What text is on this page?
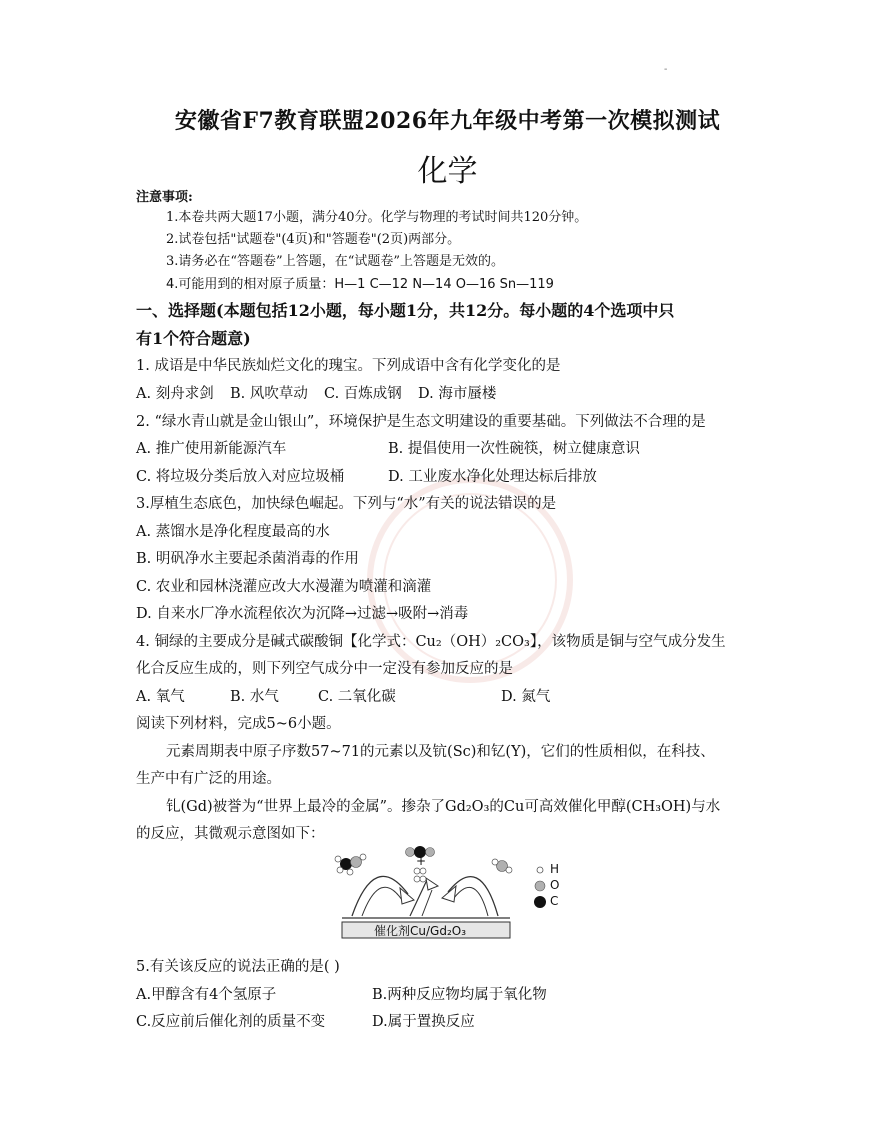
-
安徽省F7教育联盟2026年九年级中考第一次模拟测试
化学
注意事项:
1.本卷共两大题17小题，满分40分。化学与物理的考试时间共120分钟。
2.试卷包括"试题卷"(4页)和"答题卷"(2页)两部分。
3.请务必在“答题卷”上答题，在“试题卷”上答题是无效的。
4.可能用到的相对原子质量：H—1 C—12 N—14 O—16 Sn—119
一、选择题(本题包括12小题，每小题1分，共12分。每小题的4个选项中只
有1个符合题意)
1. 成语是中华民族灿烂文化的瑰宝。下列成语中含有化学变化的是
A. 刻舟求剑 B. 风吹草动 C. 百炼成钢 D. 海市蜃楼
2. “绿水青山就是金山银山”，环境保护是生态文明建设的重要基础。下列做法不合理的是
A. 推广使用新能源汽车	B. 提倡使用一次性碗筷，树立健康意识
C. 将垃圾分类后放入对应垃圾桶	D. 工业废水净化处理达标后排放
3.厚植生态底色，加快绿色崛起。下列与“水”有关的说法错误的是
A. 蒸馏水是净化程度最高的水
B. 明矾净水主要起杀菌消毒的作用
C. 农业和园林浇灌应改大水漫灌为喷灌和滴灌
D. 自来水厂净水流程依次为沉降→过滤→吸附→消毒
4. 铜绿的主要成分是碱式碳酸铜【化学式：Cu₂（OH）₂CO₃】，该物质是铜与空气成分发生
化合反应生成的，则下列空气成分中一定没有参加反应的是
A. 氧气	B. 水气	C. 二氧化碳	D. 氮气
阅读下列材料，完成5~6小题。
元素周期表中原子序数57~71的元素以及钪(Sc)和钇(Y)，它们的性质相似，在科技、
生产中有广泛的用途。
钆(Gd)被誉为“世界上最冷的金属”。掺杂了Gd₂O₃的Cu可高效催化甲醇(CH₃OH)与水
的反应，其微观示意图如下：
+
催化剂Cu/Gd₂O₃
H
O
C
5.有关该反应的说法正确的是( )
A.甲醇含有4个氢原子	B.两种反应物均属于氧化物
C.反应前后催化剂的质量不变	D.属于置换反应
